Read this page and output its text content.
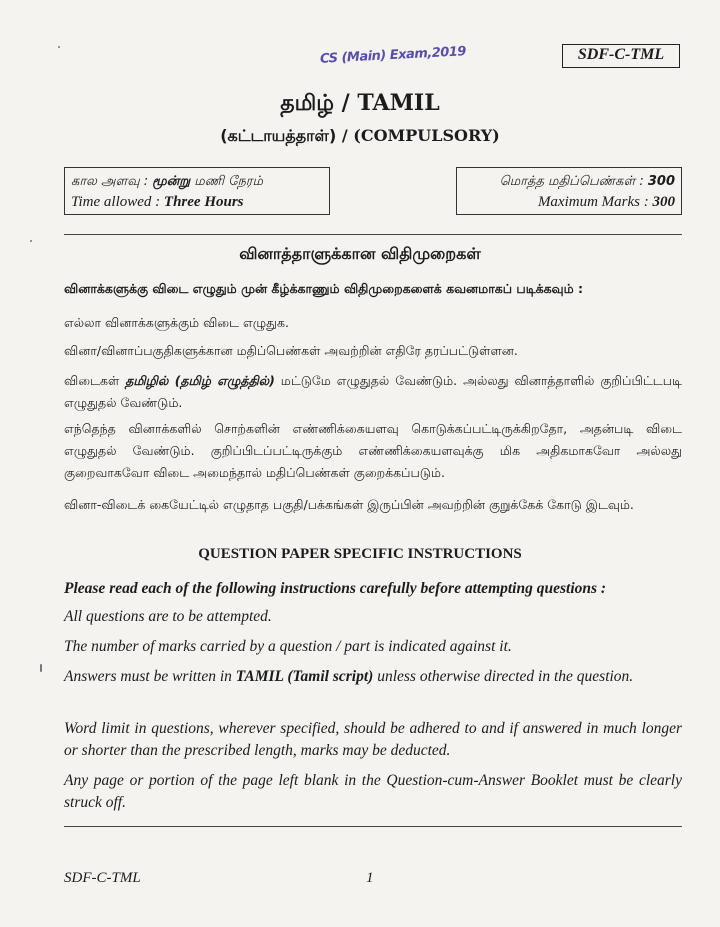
CS (Main) Exam,2019	SDF-C-TML
தமிழ் / TAMIL
(கட்டாயத்தாள்) / (COMPULSORY)
கால அளவு : மூன்று மணி நேரம்
Time allowed : Three Hours
மொத்த மதிப்பெண்கள் : 300
Maximum Marks : 300
வினாத்தாளுக்கான விதிமுறைகள்
வினாக்களுக்கு விடை எழுதும் முன் கீழ்க்காணும் விதிமுறைகளைக் கவனமாகப் படிக்கவும் :
எல்லா வினாக்களுக்கும் விடை எழுதுக.
வினா/வினாப்பகுதிகளுக்கான மதிப்பெண்கள் அவற்றின் எதிரே தரப்பட்டுள்ளன.
விடைகள் தமிழில் (தமிழ் எழுத்தில்) மட்டுமே எழுதுதல் வேண்டும். அல்லது வினாத்தாளில் குறிப்பிட்டபடி எழுதுதல் வேண்டும்.
எந்தெந்த வினாக்களில் சொற்களின் எண்ணிக்கையளவு கொடுக்கப்பட்டிருக்கிறதோ, அதன்படி விடை எழுதுதல் வேண்டும். குறிப்பிடப்பட்டிருக்கும் எண்ணிக்கையளவுக்கு மிக அதிகமாகவோ அல்லது குறைவாகவோ விடை அமைந்தால் மதிப்பெண்கள் குறைக்கப்படும்.
வினா-விடைக் கையேட்டில் எழுதாத பகுதி/பக்கங்கள் இருப்பின் அவற்றின் குறுக்கேக் கோடு இடவும்.
QUESTION PAPER SPECIFIC INSTRUCTIONS
Please read each of the following instructions carefully before attempting questions :
All questions are to be attempted.
The number of marks carried by a question / part is indicated against it.
Answers must be written in TAMIL (Tamil script) unless otherwise directed in the question.
Word limit in questions, wherever specified, should be adhered to and if answered in much longer or shorter than the prescribed length, marks may be deducted.
Any page or portion of the page left blank in the Question-cum-Answer Booklet must be clearly struck off.
SDF-C-TML	1
